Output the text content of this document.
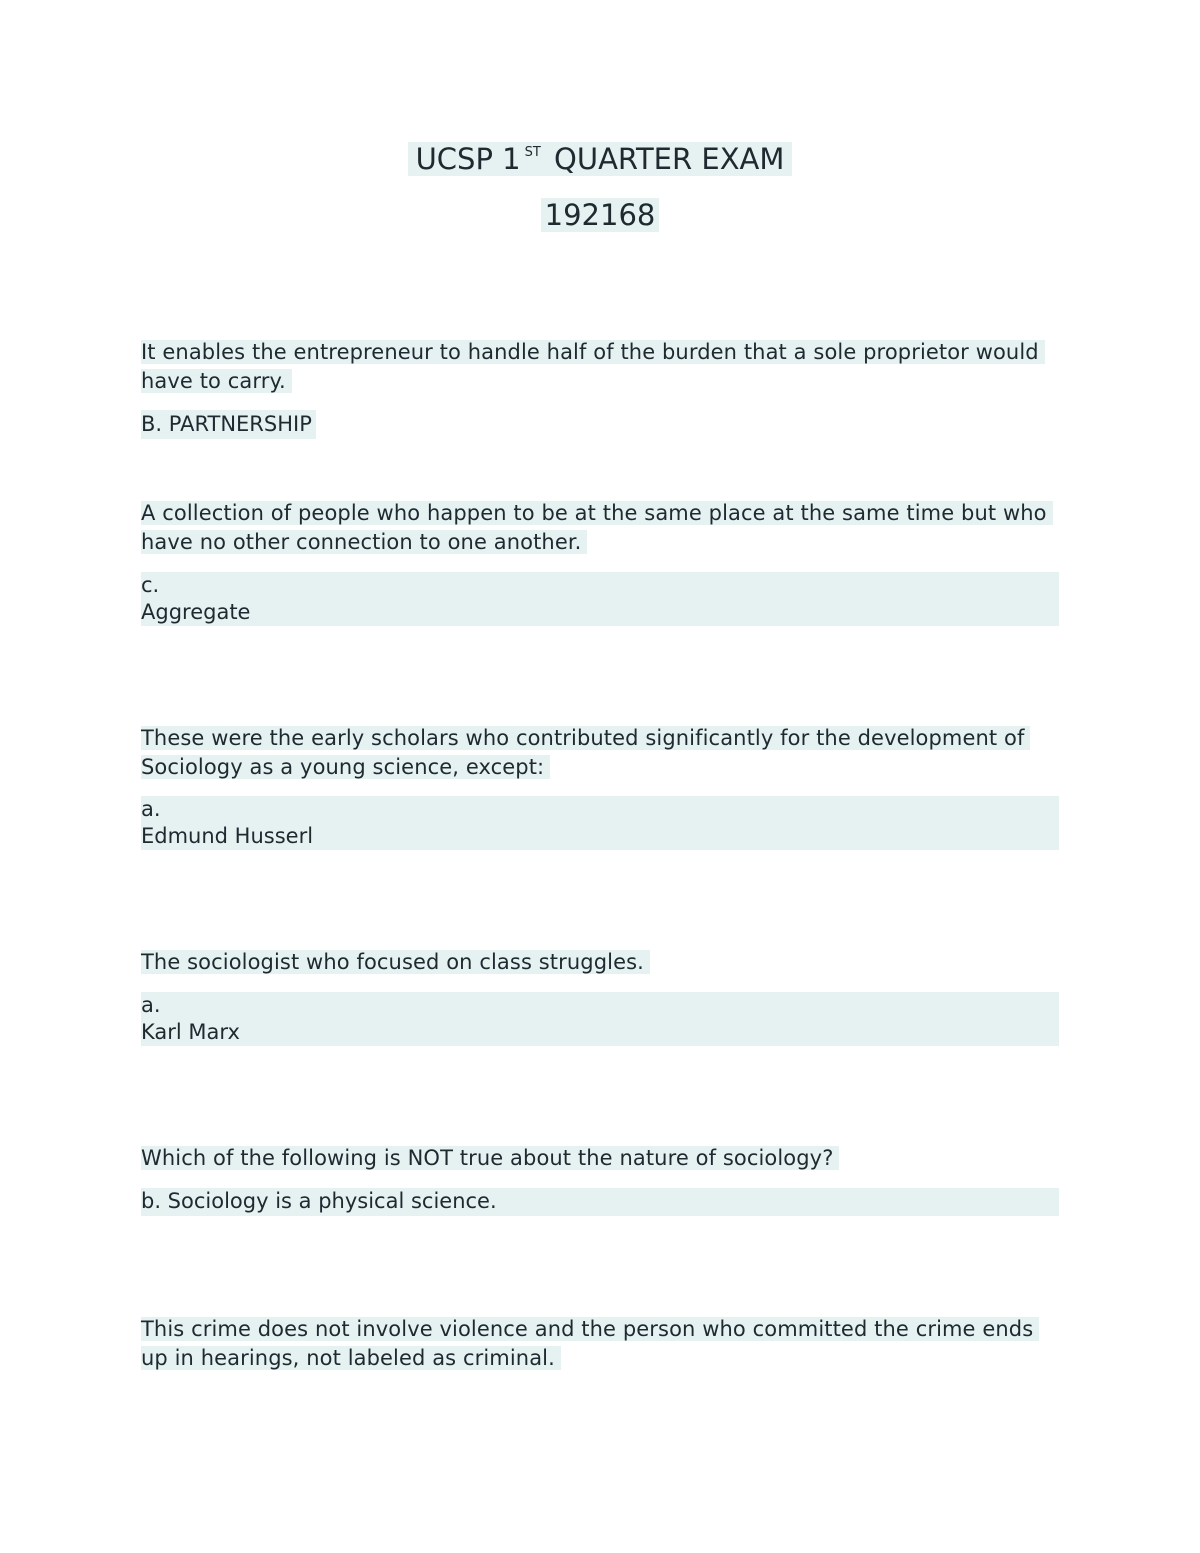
UCSP 1 $^{ST}$ QUARTER EXAM
192168
It enables the entrepreneur to handle half of the burden that a sole proprietor would have to carry.
B. PARTNERSHIP
A collection of people who happen to be at the same place at the same time but who have no other connection to one another.
c.
Aggregate
These were the early scholars who contributed significantly for the development of Sociology as a young science, except:
a.
Edmund Husserl
The sociologist who focused on class struggles.
a.
Karl Marx
Which of the following is NOT true about the nature of sociology?
b. Sociology is a physical science.
This crime does not involve violence and the person who committed the crime ends up in hearings, not labeled as criminal.
